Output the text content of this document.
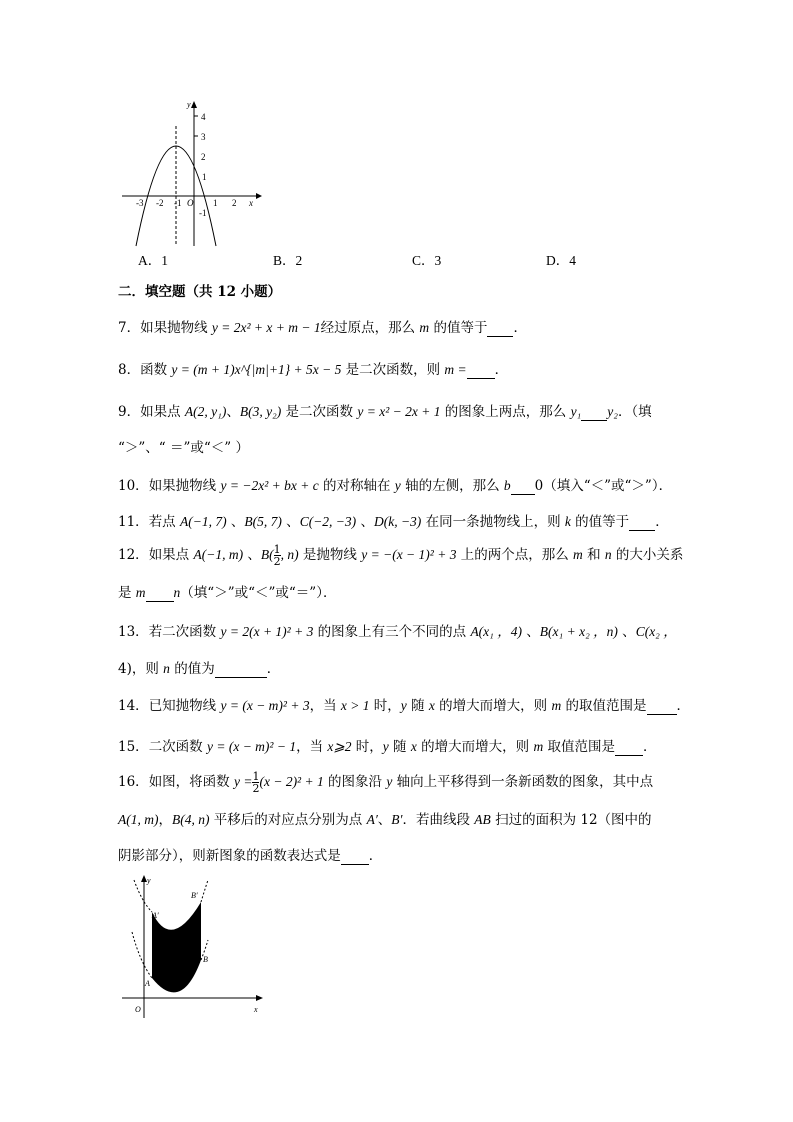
y
x
O
4
3
2
1
-1
-3 -2 -1	1 2
A．1	B．2	C．3	D．4
二．填空题（共 12 小题）
7．如果抛物线 y = 2x² + x + m − 1经过原点，那么 m 的值等于 ．
8．函数 y = (m + 1)x^{|m|+1} + 5x − 5 是二次函数，则 m = ．
9．如果点 A(2, y₁)、B(3, y₂) 是二次函数 y = x² − 2x + 1 的图象上两点，那么 y₁ y₂．（填
“＞”、“ ＝”或“＜” ）
10．如果抛物线 y = −2x² + bx + c 的对称轴在 y 轴的左侧，那么 b 0（填入“＜”或“＞”）．
11．若点 A(−1, 7) 、B(5, 7) 、C(−2, −3) 、D(k, −3) 在同一条抛物线上，则 k 的值等于 ．
12．如果点 A(−1, m) 、$B( \frac{1}{2}$ , n) 是抛物线 y = −(x − 1)² + 3 上的两个点，那么 m 和 n 的大小关系
是 m n（填“＞”或“＜”或“＝”）．
13．若二次函数 y = 2(x + 1)² + 3 的图象上有三个不同的点 A(x₁ ，4) 、B(x₁ + x₂ ，n) 、C(x₂ ，
4)，则 n 的值为	．
14．已知抛物线 y = (x − m)² + 3，当 x > 1 时，y 随 x 的增大而增大，则 m 的取值范围是 ．
15．二次函数 y = (x − m)² − 1，当 x⩾2 时，y 随 x 的增大而增大，则 m 取值范围是 ．
16．如图，将函数 $y = \frac{1}{2} (x - 2)^2 + 1$ 的图象沿 y 轴向上平移得到一条新函数的图象，其中点
A(1, m)，B(4, n) 平移后的对应点分别为点 A′、B′．若曲线段 AB 扫过的面积为 12（图中的
阴影部分），则新图象的函数表达式是 ．
y
x
O
A′
B′
A
B
